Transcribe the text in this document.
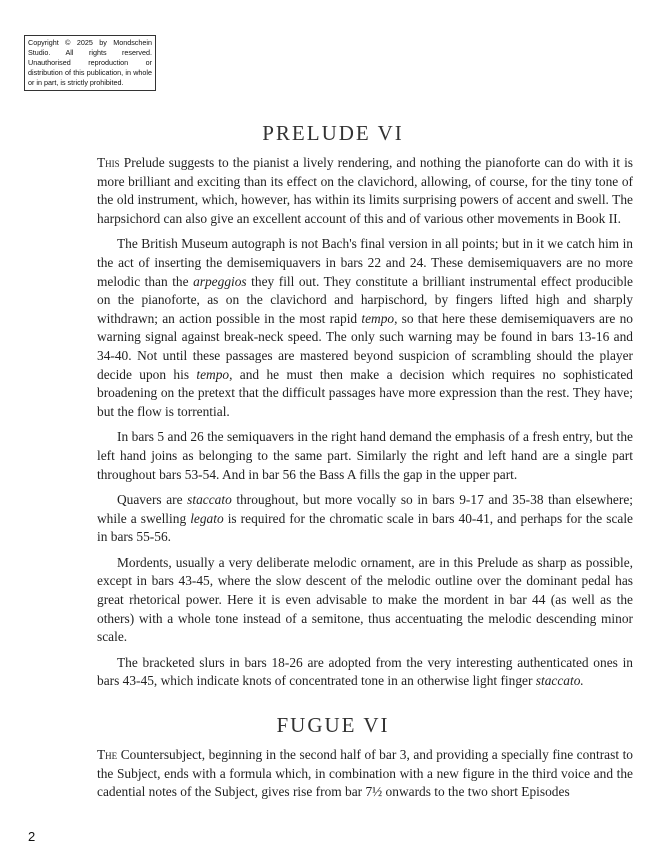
Copyright © 2025 by Mondschein Studio. All rights reserved. Unauthorised reproduction or distribution of this publication, in whole or in part, is strictly prohibited.
PRELUDE VI

This Prelude suggests to the pianist a lively rendering, and nothing the pianoforte can do with it is more brilliant and exciting than its effect on the clavichord, allowing, of course, for the tiny tone of the old instrument, which, however, has within its limits surprising powers of accent and swell. The harpsichord can also give an excellent account of this and of various other movements in Book II.

The British Museum autograph is not Bach's final version in all points; but in it we catch him in the act of inserting the demisemiquavers in bars 22 and 24. These demisemiquavers are no more melodic than the arpeggios they fill out. They constitute a brilliant instrumental effect producible on the pianoforte, as on the clavichord and harpischord, by fingers lifted high and sharply withdrawn; an action possible in the most rapid tempo, so that here these demisemiquavers are no warning signal against break-neck speed. The only such warning may be found in bars 13-16 and 34-40. Not until these passages are mastered beyond suspicion of scrambling should the player decide upon his tempo, and he must then make a decision which requires no sophisticated broadening on the pretext that the difficult passages have more expression than the rest. They have; but the flow is torrential.

In bars 5 and 26 the semiquavers in the right hand demand the emphasis of a fresh entry, but the left hand joins as belonging to the same part. Similarly the right and left hand are a single part throughout bars 53-54. And in bar 56 the Bass A fills the gap in the upper part.

Quavers are staccato throughout, but more vocally so in bars 9-17 and 35-38 than elsewhere; while a swelling legato is required for the chromatic scale in bars 40-41, and perhaps for the scale in bars 55-56.

Mordents, usually a very deliberate melodic ornament, are in this Prelude as sharp as possible, except in bars 43-45, where the slow descent of the melodic outline over the dominant pedal has great rhetorical power. Here it is even advisable to make the mordent in bar 44 (as well as the others) with a whole tone instead of a semitone, thus accentuating the melodic descending minor scale.

The bracketed slurs in bars 18-26 are adopted from the very interesting authenticated ones in bars 43-45, which indicate knots of concentrated tone in an otherwise light finger staccato.

FUGUE VI

The Countersubject, beginning in the second half of bar 3, and providing a specially fine contrast to the Subject, ends with a formula which, in combination with a new figure in the third voice and the cadential notes of the Subject, gives rise from bar 7½ onwards to the two short Episodes

2
